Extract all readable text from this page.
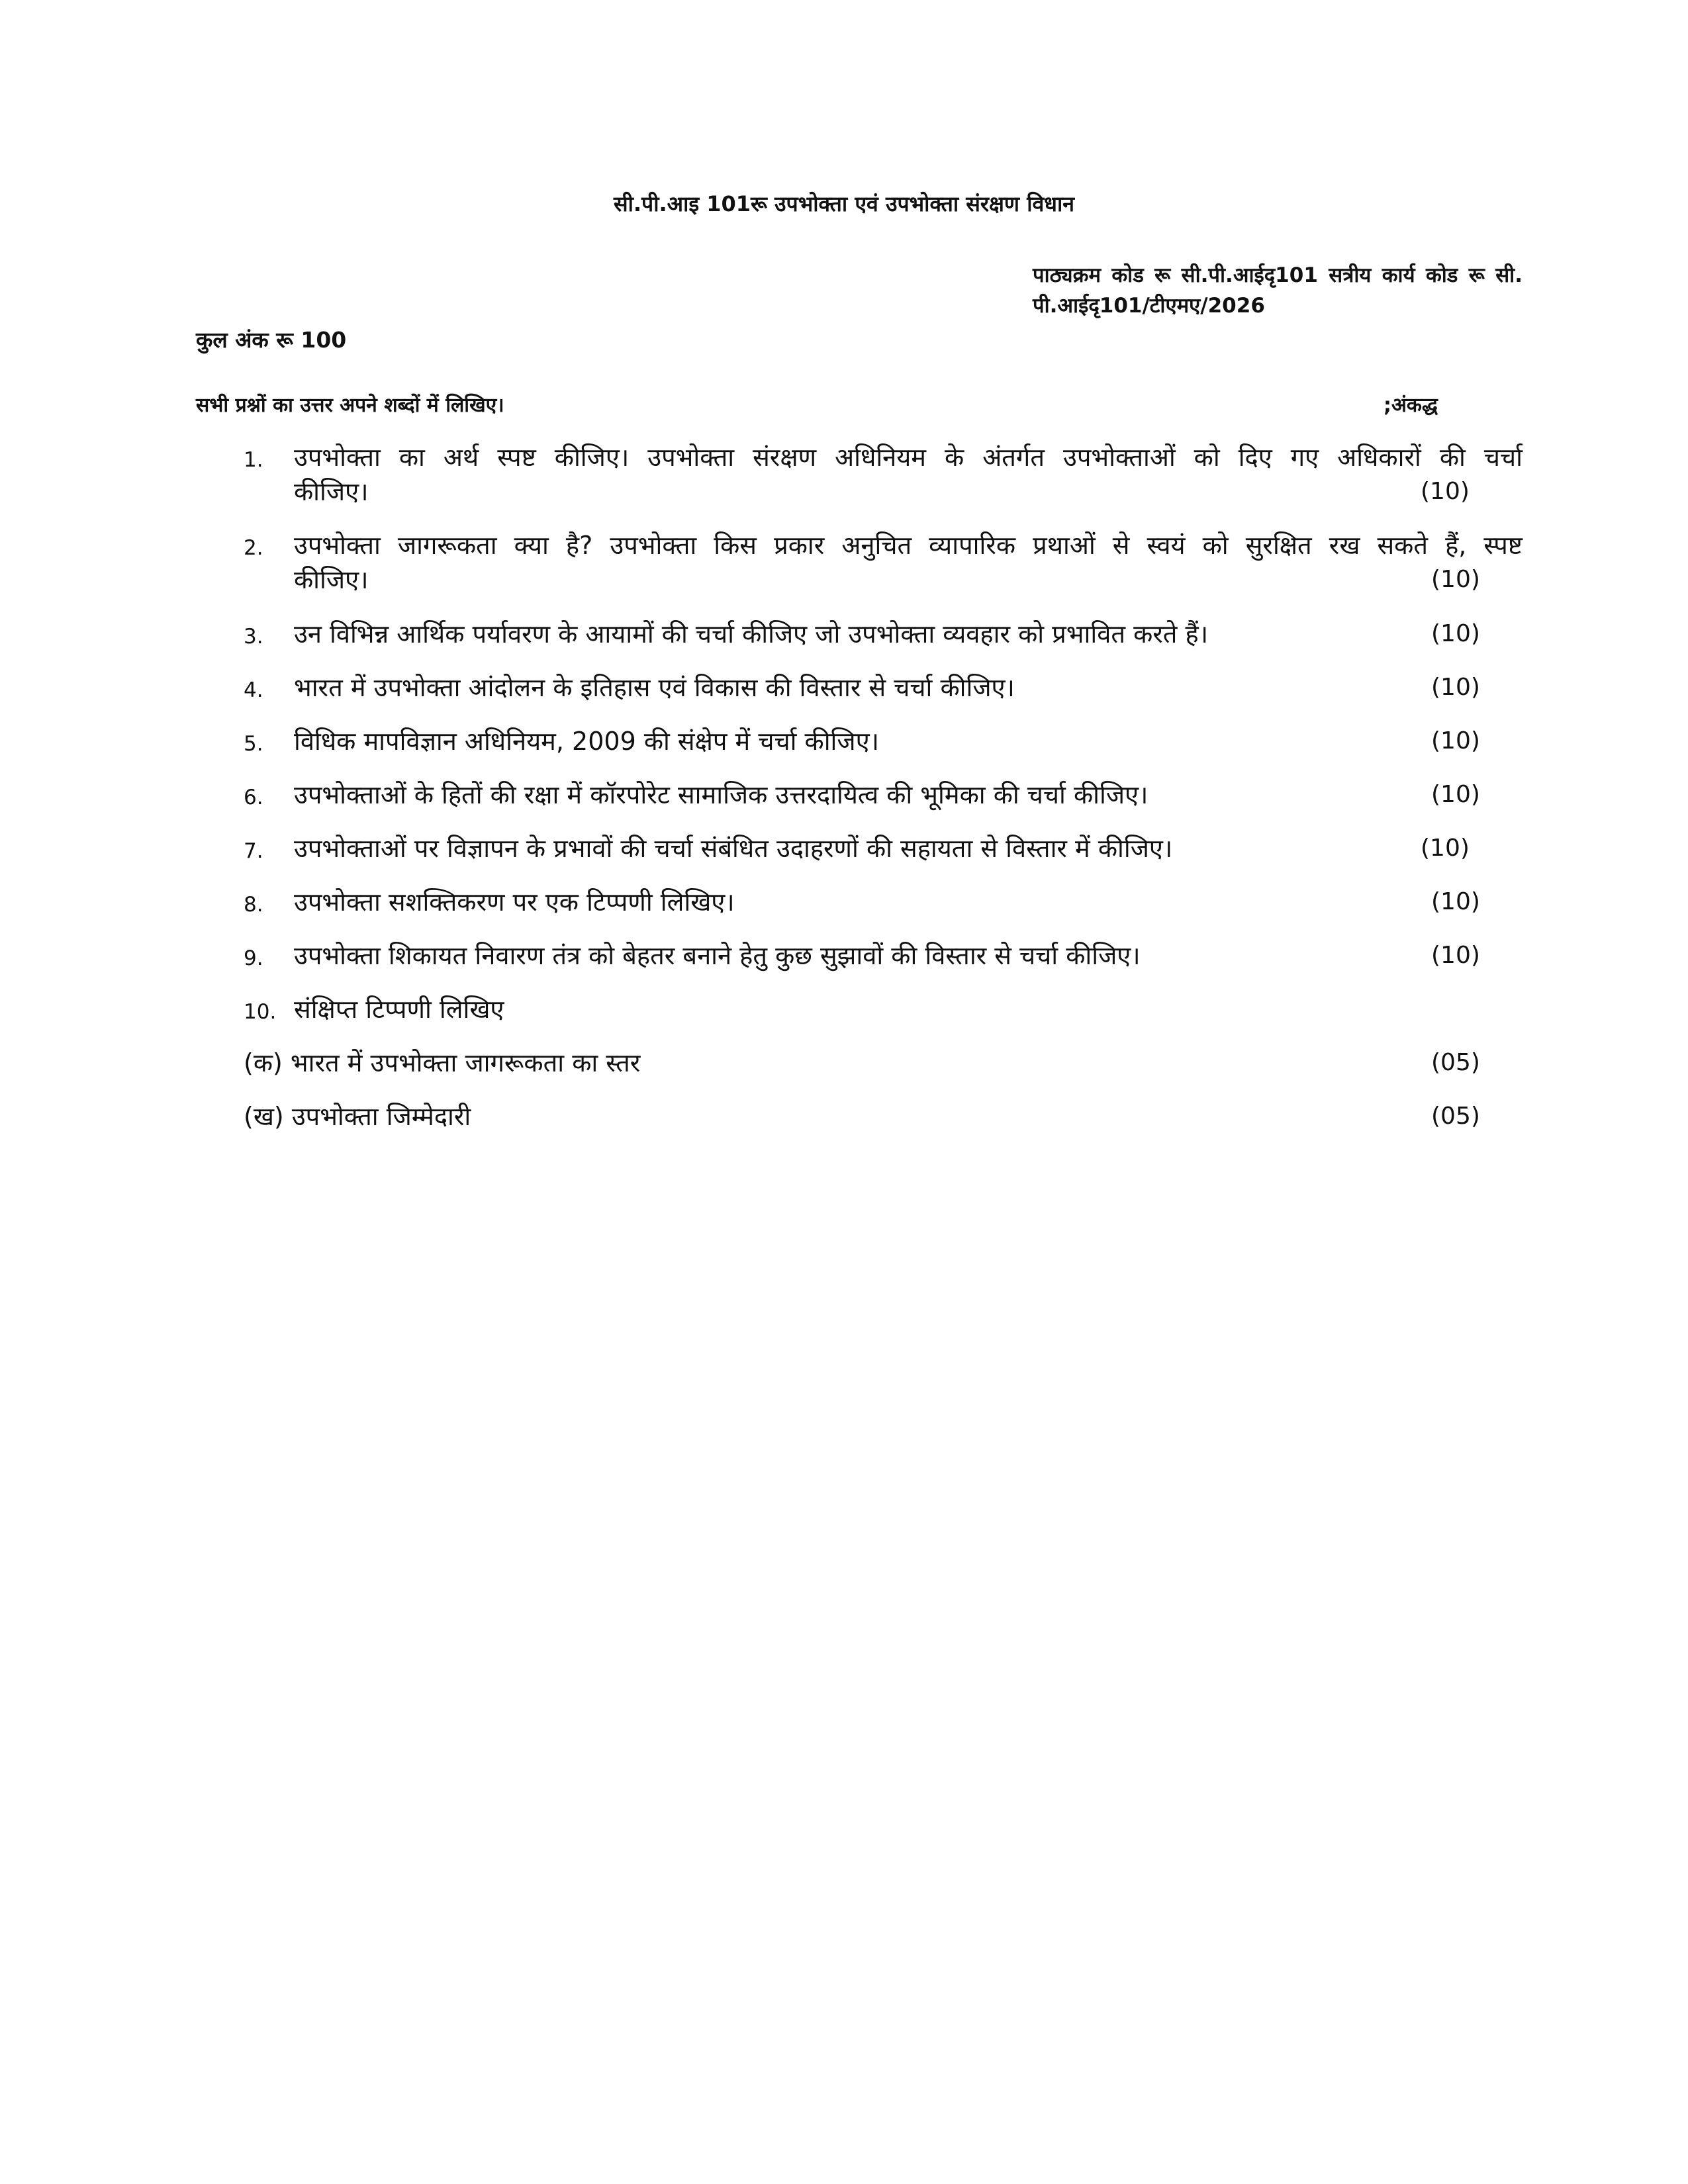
सी.पी.आइ 101रू उपभोक्ता एवं उपभोक्ता संरक्षण विधान
पाठ्यक्रम कोड रू सी.पी.आईदृ101 सत्रीय कार्य कोड रू सी.
पी.आईदृ101/टीएमए/2026
कुल अंक रू 100
सभी प्रश्नों का उत्तर अपने शब्दों में लिखिए।	;अंकद्ध
1. उपभोक्ता का अर्थ स्पष्ट कीजिए। उपभोक्ता संरक्षण अधिनियम के अंतर्गत उपभोक्ताओं को दिए गए अधिकारों की चर्चा
कीजिए।	(10)
2. उपभोक्ता जागरूकता क्या है? उपभोक्ता किस प्रकार अनुचित व्यापारिक प्रथाओं से स्वयं को सुरक्षित रख सकते हैं, स्पष्ट
कीजिए।	(10)
3. उन विभिन्न आर्थिक पर्यावरण के आयामों की चर्चा कीजिए जो उपभोक्ता व्यवहार को प्रभावित करते हैं।	(10)
4. भारत में उपभोक्ता आंदोलन के इतिहास एवं विकास की विस्तार से चर्चा कीजिए।	(10)
5. विधिक मापविज्ञान अधिनियम, 2009 की संक्षेप में चर्चा कीजिए।	(10)
6. उपभोक्ताओं के हितों की रक्षा में कॉरपोरेट सामाजिक उत्तरदायित्व की भूमिका की चर्चा कीजिए।	(10)
7. उपभोक्ताओं पर विज्ञापन के प्रभावों की चर्चा संबंधित उदाहरणों की सहायता से विस्तार में कीजिए।	(10)
8. उपभोक्ता सशक्तिकरण पर एक टिप्पणी लिखिए।	(10)
9. उपभोक्ता शिकायत निवारण तंत्र को बेहतर बनाने हेतु कुछ सुझावों की विस्तार से चर्चा कीजिए।	(10)
10. संक्षिप्त टिप्पणी लिखिए
(क) भारत में उपभोक्ता जागरूकता का स्तर	(05)
(ख) उपभोक्ता जिम्मेदारी	(05)
